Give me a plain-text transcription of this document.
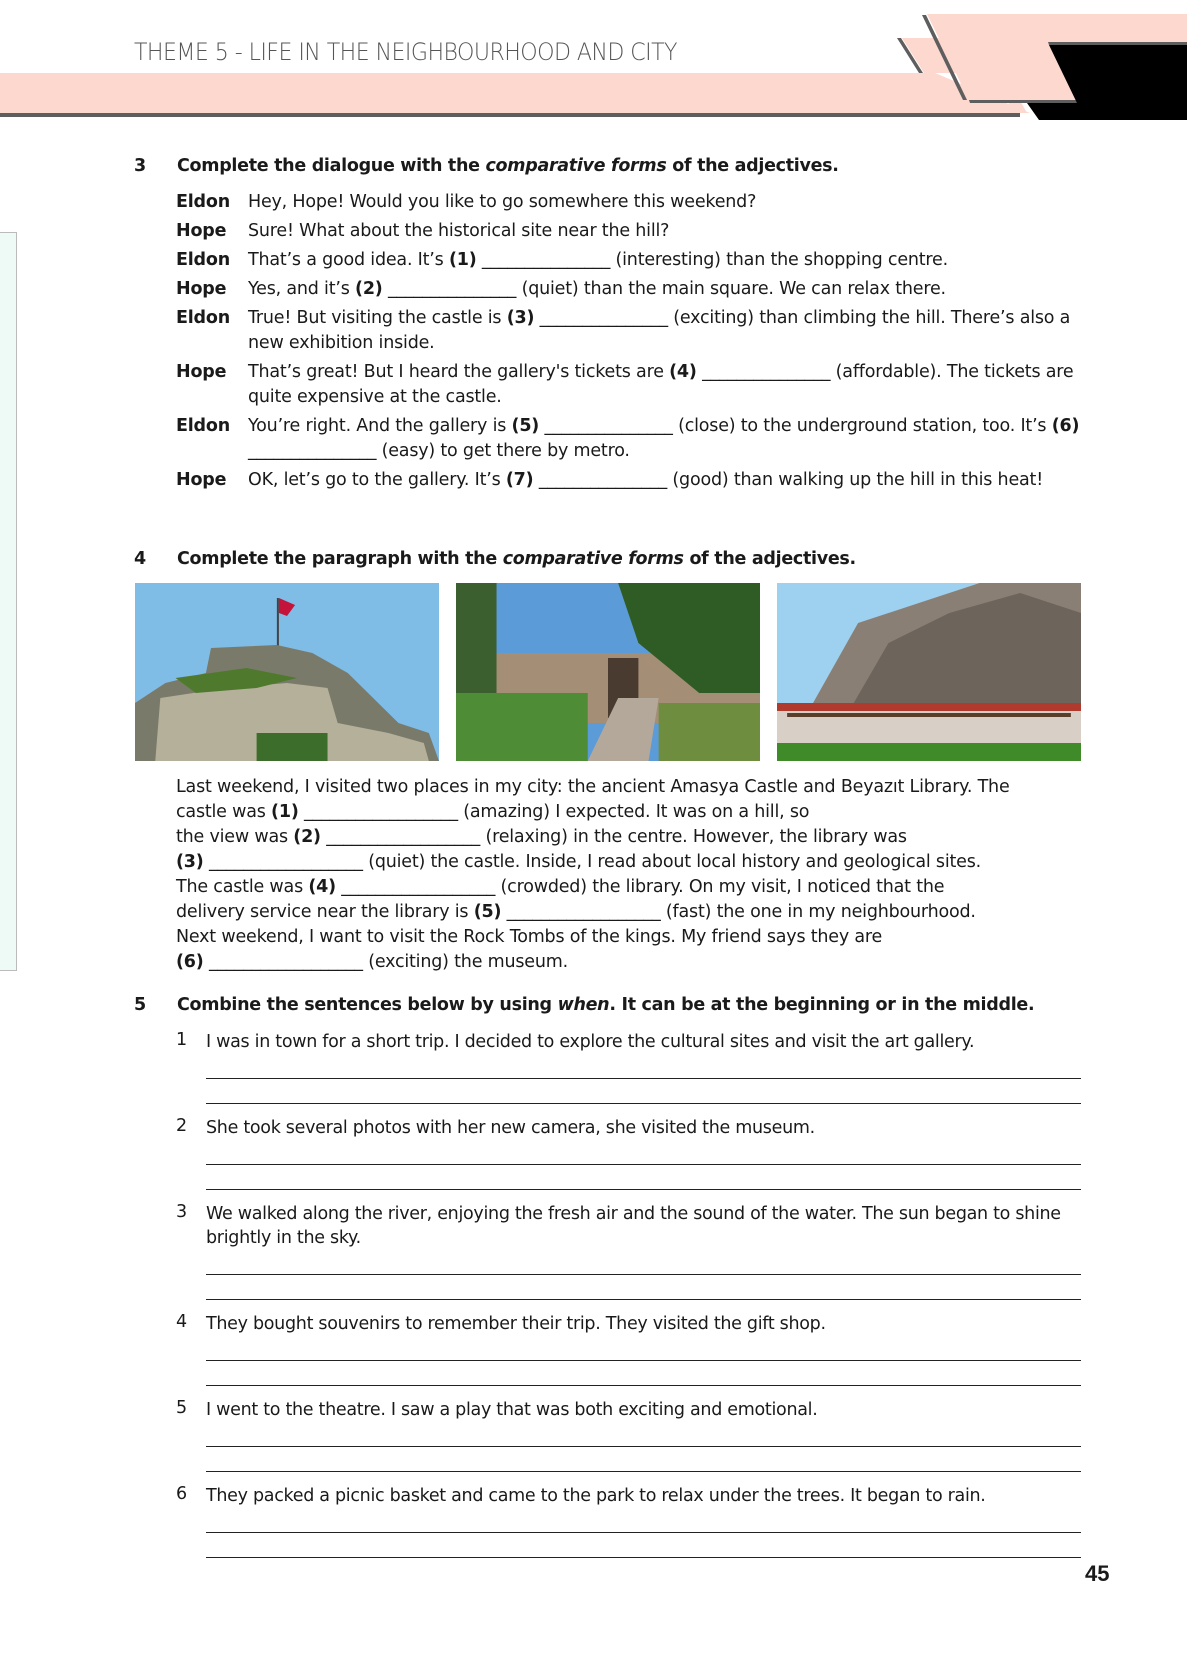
THEME 5 - LIFE IN THE NEIGHBOURHOOD AND CITY
3 Complete the dialogue with the comparative forms of the adjectives.
Eldon	Hey, Hope! Would you like to go somewhere this weekend?
Hope	Sure! What about the historical site near the hill?
Eldon	That’s a good idea. It’s (1) _______________ (interesting) than the shopping centre.
Hope	Yes, and it’s (2) _______________ (quiet) than the main square. We can relax there.
Eldon	True! But visiting the castle is (3) _______________ (exciting) than climbing the hill. There’s also a new exhibition inside.
Hope	That’s great! But I heard the gallery's tickets are (4) _______________ (affordable). The tickets are quite expensive at the castle.
Eldon	You’re right. And the gallery is (5) _______________ (close) to the underground station, too. It’s (6) _______________ (easy) to get there by metro.
Hope	OK, let’s go to the gallery. It’s (7) _______________ (good) than walking up the hill in this heat!
4 Complete the paragraph with the comparative forms of the adjectives.
Last weekend, I visited two places in my city: the ancient Amasya Castle and Beyazıt Library. The
castle was (1) __________________ (amazing) I expected. It was on a hill, so
the view was (2) __________________ (relaxing) in the centre. However, the library was
(3) __________________ (quiet) the castle. Inside, I read about local history and geological sites.
The castle was (4) __________________ (crowded) the library. On my visit, I noticed that the
delivery service near the library is (5) __________________ (fast) the one in my neighbourhood.
Next weekend, I want to visit the Rock Tombs of the kings. My friend says they are
(6) __________________ (exciting) the museum.
5 Combine the sentences below by using when. It can be at the beginning or in the middle.
1 I was in town for a short trip. I decided to explore the cultural sites and visit the art gallery.
2 She took several photos with her new camera, she visited the museum.
3 We walked along the river, enjoying the fresh air and the sound of the water. The sun began to shine brightly in the sky.
4 They bought souvenirs to remember their trip. They visited the gift shop.
5 I went to the theatre. I saw a play that was both exciting and emotional.
6 They packed a picnic basket and came to the park to relax under the trees. It began to rain.
45
